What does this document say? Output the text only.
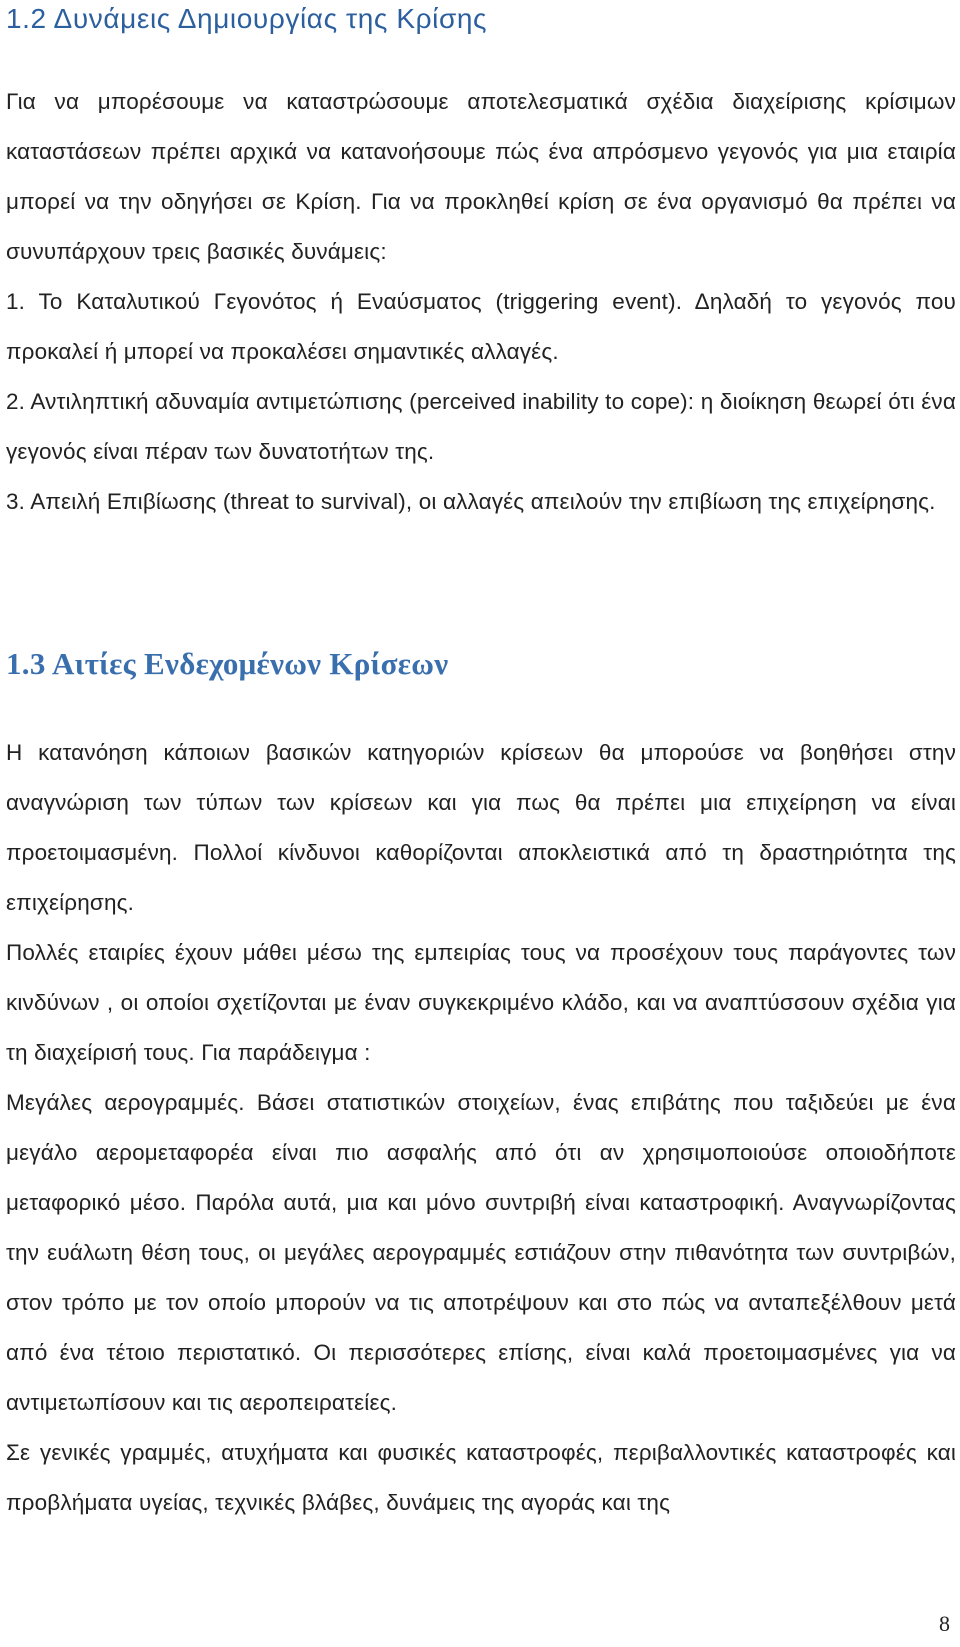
1.2 Δυνάμεις Δημιουργίας της Κρίσης

Για να μπορέσουμε να καταστρώσουμε αποτελεσματικά σχέδια διαχείρισης κρίσιμων καταστάσεων πρέπει αρχικά να κατανοήσουμε πώς ένα απρόσμενο γεγονός για μια εταιρία μπορεί να την οδηγήσει σε Κρίση. Για να προκληθεί κρίση σε ένα οργανισμό θα πρέπει να συνυπάρχουν τρεις βασικές δυνάμεις:

1. Το Καταλυτικού Γεγονότος ή Εναύσματος (triggering event). Δηλαδή το γεγονός που προκαλεί ή μπορεί να προκαλέσει σημαντικές αλλαγές.

2. Αντιληπτική αδυναμία αντιμετώπισης (perceived inability to cope): η διοίκηση θεωρεί ότι ένα γεγονός είναι πέραν των δυνατοτήτων της.

3. Απειλή Επιβίωσης (threat to survival), οι αλλαγές απειλούν την επιβίωση της επιχείρησης.

1.3 Αιτίες Ενδεχομένων Κρίσεων

Η κατανόηση κάποιων βασικών κατηγοριών κρίσεων θα μπορούσε να βοηθήσει στην αναγνώριση των τύπων των κρίσεων και για πως θα πρέπει μια επιχείρηση να είναι προετοιμασμένη. Πολλοί κίνδυνοι καθορίζονται αποκλειστικά από τη δραστηριότητα της επιχείρησης.

Πολλές εταιρίες έχουν μάθει μέσω της εμπειρίας τους να προσέχουν τους παράγοντες των κινδύνων , οι οποίοι σχετίζονται με έναν συγκεκριμένο κλάδο, και να αναπτύσσουν σχέδια για τη διαχείρισή τους. Για παράδειγμα :

Μεγάλες αερογραμμές. Βάσει στατιστικών στοιχείων, ένας επιβάτης που ταξιδεύει με ένα μεγάλο αερομεταφορέα είναι πιο ασφαλής από ότι αν χρησιμοποιούσε οποιοδήποτε μεταφορικό μέσο. Παρόλα αυτά, μια και μόνο συντριβή είναι καταστροφική. Αναγνωρίζοντας την ευάλωτη θέση τους, οι μεγάλες αερογραμμές εστιάζουν στην πιθανότητα των συντριβών, στον τρόπο με τον οποίο μπορούν να τις αποτρέψουν και στο πώς να ανταπεξέλθουν μετά από ένα τέτοιο περιστατικό. Οι περισσότερες επίσης, είναι καλά προετοιμασμένες για να αντιμετωπίσουν και τις αεροπειρατείες.

Σε γενικές γραμμές, ατυχήματα και φυσικές καταστροφές, περιβαλλοντικές καταστροφές και προβλήματα υγείας, τεχνικές βλάβες, δυνάμεις της αγοράς και της

8
